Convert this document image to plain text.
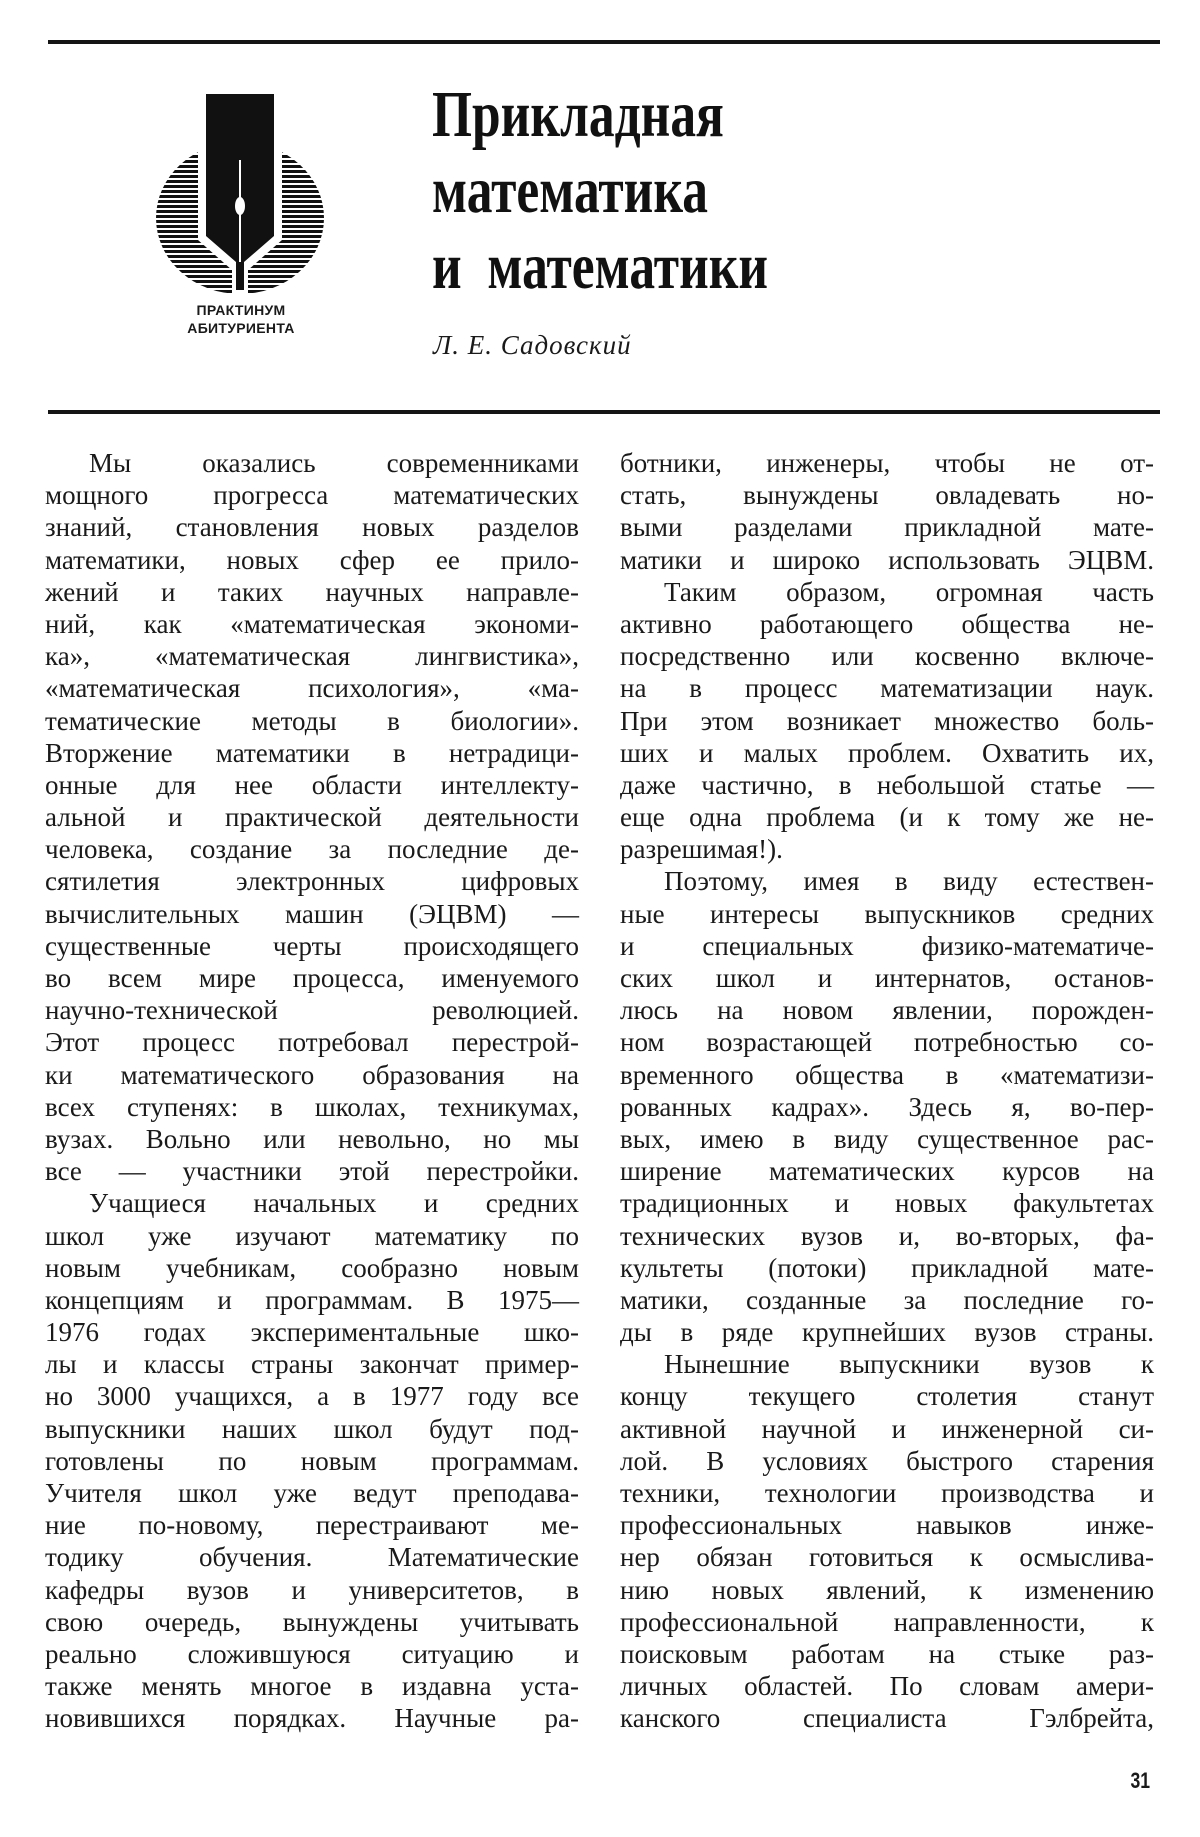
ПРАКТИНУМ
АБИТУРИЕНТА
Прикладная
математика
и  математики
Л. Е. Садовский
Мы оказались современниками
мощного прогресса математических
знаний, становления новых разделов
математики, новых сфер ее прило-
жений и таких научных направле-
ний, как «математическая экономи-
ка», «математическая лингвистика»,
«математическая психология», «ма-
тематические методы в биологии».
Вторжение математики в нетрадици-
онные для нее области интеллекту-
альной и практической деятельности
человека, создание за последние де-
сятилетия электронных цифровых
вычислительных машин (ЭЦВМ) —
существенные черты происходящего
во всем мире процесса, именуемого
научно-технической революцией.
Этот процесс потребовал перестрой-
ки математического образования на
всех ступенях: в школах, техникумах,
вузах. Вольно или невольно, но мы
все — участники этой перестройки.
Учащиеся начальных и средних
школ уже изучают математику по
новым учебникам, сообразно новым
концепциям и программам. В 1975—
1976 годах экспериментальные шко-
лы и классы страны закончат пример-
но 3000 учащихся, а в 1977 году все
выпускники наших школ будут под-
готовлены по новым программам.
Учителя школ уже ведут преподава-
ние по-новому, перестраивают ме-
тодику обучения. Математические
кафедры вузов и университетов, в
свою очередь, вынуждены учитывать
реально сложившуюся ситуацию и
также менять многое в издавна уста-
новившихся порядках. Научные ра-
ботники, инженеры, чтобы не от-
стать, вынуждены овладевать но-
выми разделами прикладной мате-
матики и широко использовать ЭЦВМ.
Таким образом, огромная часть
активно работающего общества не-
посредственно или косвенно включе-
на в процесс математизации наук.
При этом возникает множество боль-
ших и малых проблем. Охватить их,
даже частично, в небольшой статье —
еще одна проблема (и к тому же не-
разрешимая!).
Поэтому, имея в виду естествен-
ные интересы выпускников средних
и специальных физико-математиче-
ских школ и интернатов, останов-
люсь на новом явлении, порожден-
ном возрастающей потребностью со-
временного общества в «математизи-
рованных кадрах». Здесь я, во-пер-
вых, имею в виду существенное рас-
ширение математических курсов на
традиционных и новых факультетах
технических вузов и, во-вторых, фа-
культеты (потоки) прикладной мате-
матики, созданные за последние го-
ды в ряде крупнейших вузов страны.
Нынешние выпускники вузов к
концу текущего столетия станут
активной научной и инженерной си-
лой. В условиях быстрого старения
техники, технологии производства и
профессиональных навыков инже-
нер обязан готовиться к осмыслива-
нию новых явлений, к изменению
профессиональной направленности, к
поисковым работам на стыке раз-
личных областей. По словам амери-
канского специалиста Гэлбрейта,
31
